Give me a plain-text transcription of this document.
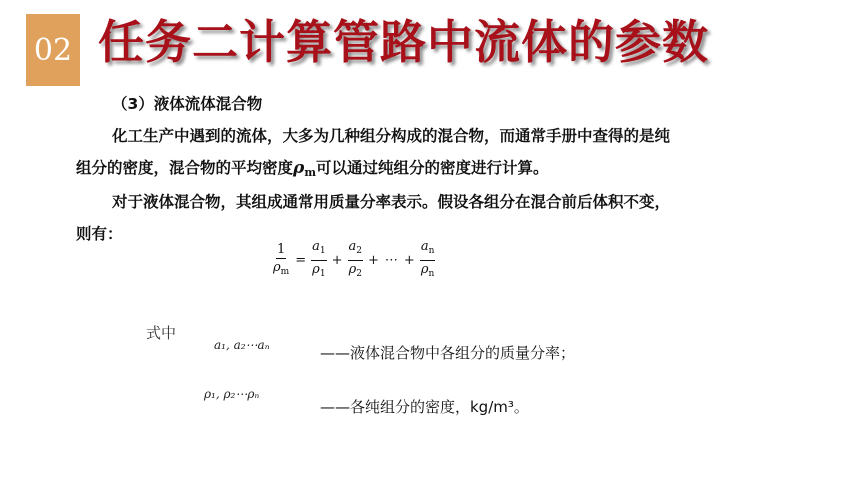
02 任务二计算管路中流体的参数
（3）液体流体混合物
化工生产中遇到的流体，大多为几种组分构成的混合物，而通常手册中查得的是纯
组分的密度，混合物的平均密度$\rho_m$可以通过纯组分的密度进行计算。
对于液体混合物，其组成通常用质量分率表示。假设各组分在混合前后体积不变，
则有：
$\frac{1}{\rho_m} = \frac{a_1}{\rho_1} + \frac{a_2}{\rho_2}$ + ⋯ + $\frac{a_n}{\rho_n}$
式中
a₁, a₂⋯aₙ	——液体混合物中各组分的质量分率；
ρ₁, ρ₂⋯ρₙ
——各纯组分的密度，kg/m³。
